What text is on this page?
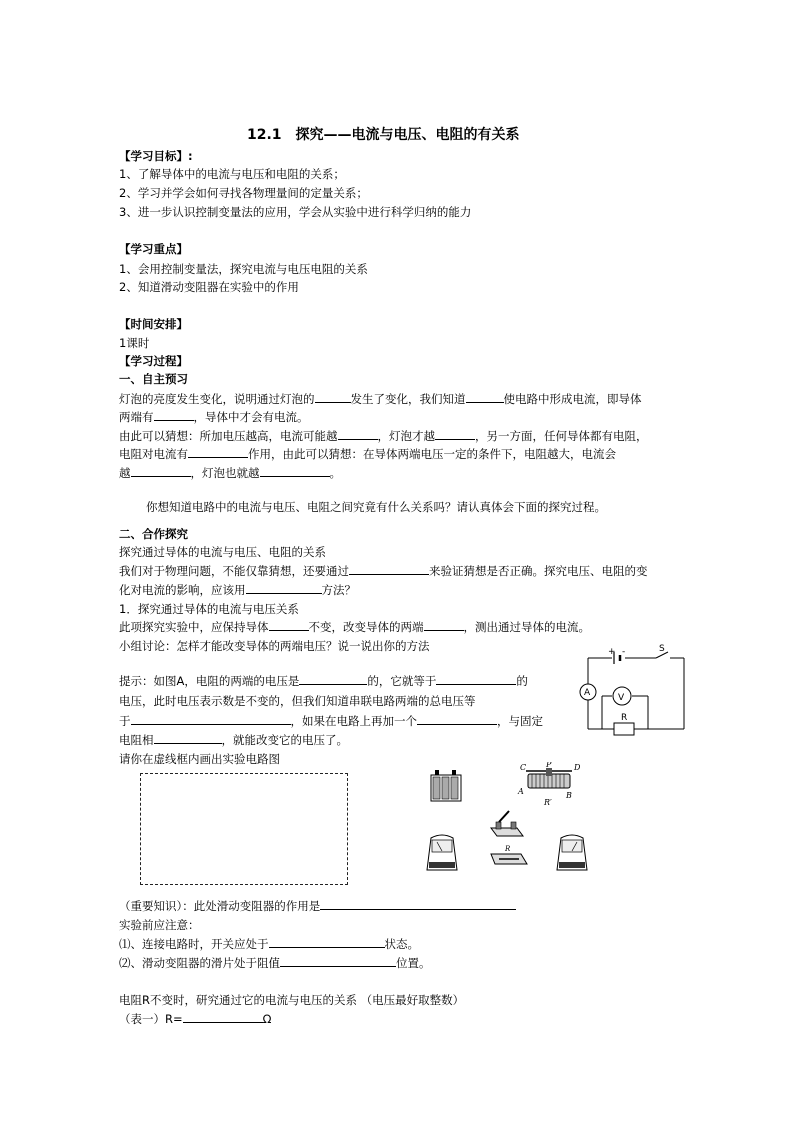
12.1　探究——电流与电压、电阻的有关系
【学习目标】:
1、了解导体中的电流与电压和电阻的关系；
2、学习并学会如何寻找各物理量间的定量关系；
3、进一步认识控制变量法的应用，学会从实验中进行科学归纳的能力
【学习重点】
1、会用控制变量法，探究电流与电压电阻的关系
2、知道滑动变阻器在实验中的作用
【时间安排】
1课时
【学习过程】
一、自主预习
灯泡的亮度发生变化，说明通过灯泡的	发生了变化，我们知道	使电路中形成电流，即导体
两端有	，导体中才会有电流。
由此可以猜想：所加电压越高，电流可能越	，灯泡才越	，另一方面，任何导体都有电阻，
电阻对电流有	作用，由此可以猜想：在导体两端电压一定的条件下，电阻越大，电流会
越	，灯泡也就越	。
你想知道电路中的电流与电压、电阻之间究竟有什么关系吗？请认真体会下面的探究过程。
二、合作探究
探究通过导体的电流与电压、电阻的关系
我们对于物理问题，不能仅靠猜想，还要通过	来验证猜想是否正确。探究电压、电阻的变
化对电流的影响，应该用	方法？
1．探究通过导体的电流与电压关系
此项探究实验中，应保持导体	不变，改变导体的两端	，测出通过导体的电流。
小组讨论：怎样才能改变导体的两端电压？说一说出你的方法
提示：如图A，电阻的两端的电压是	的，它就等于	的
电压，此时电压表示数是不变的，但我们知道串联电路两端的总电压等
于	，如果在电路上再加一个	，与固定
电阻相	，就能改变它的电压了。
请你在虚线框内画出实验电路图
+ -	S
A	V
R
C P	D
A	B
R′
R
（重要知识）：此处滑动变阻器的作用是
实验前应注意：
⑴、连接电路时，开关应处于	状态。
⑵、滑动变阻器的滑片处于阻值	位置。
电阻R不变时，研究通过它的电流与电压的关系 （电压最好取整数）
（表一）R=	Ω
